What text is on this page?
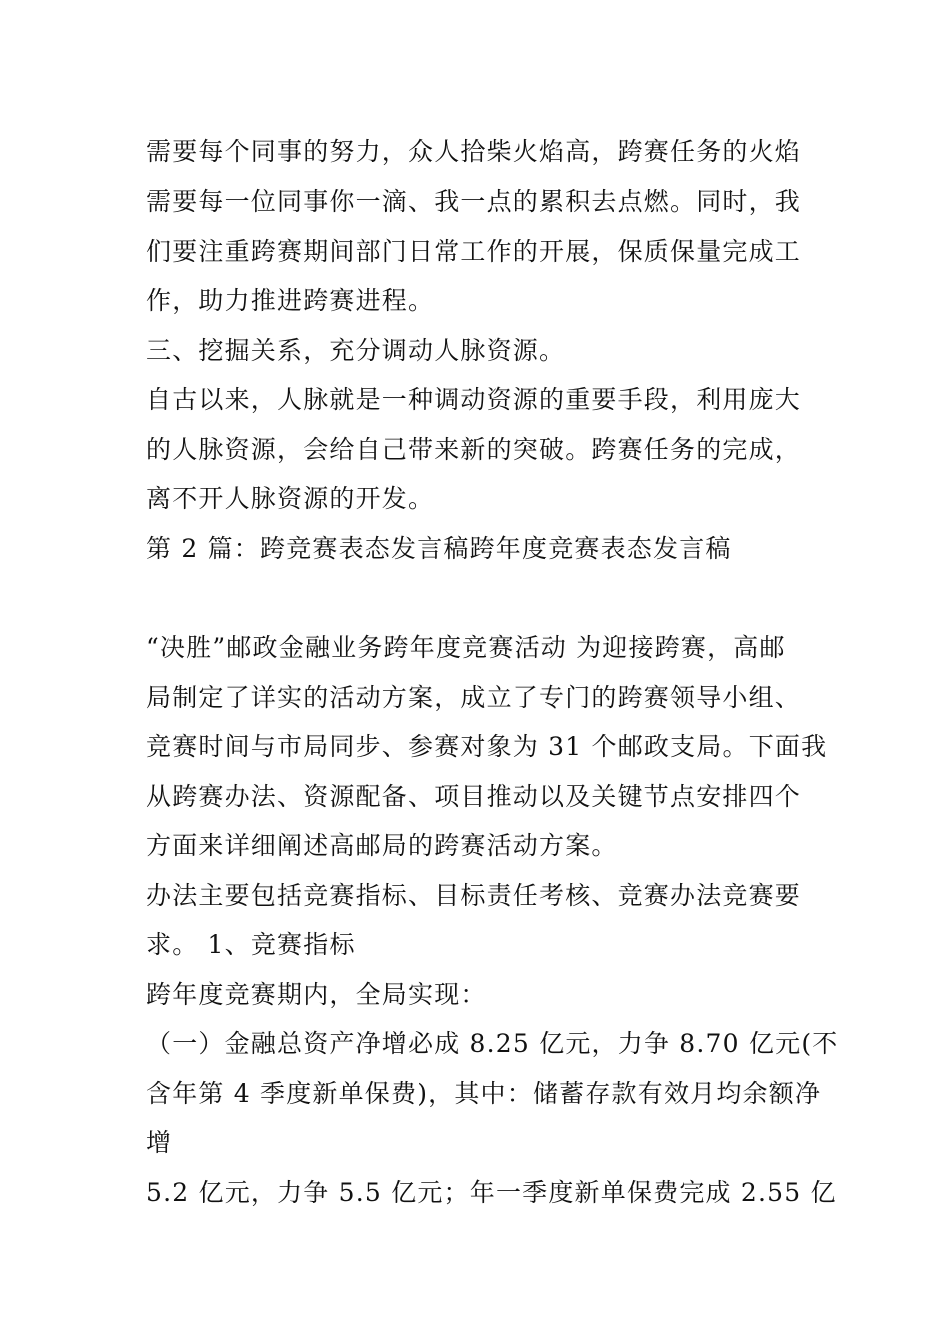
需要每个同事的努力，众人拾柴火焰高，跨赛任务的火焰
需要每一位同事你一滴、我一点的累积去点燃。同时，我
们要注重跨赛期间部门日常工作的开展，保质保量完成工
作，助力推进跨赛进程。
三、挖掘关系，充分调动人脉资源。
自古以来，人脉就是一种调动资源的重要手段，利用庞大
的人脉资源，会给自己带来新的突破。跨赛任务的完成，
离不开人脉资源的开发。
第 2 篇：跨竞赛表态发言稿跨年度竞赛表态发言稿
“决胜”邮政金融业务跨年度竞赛活动 为迎接跨赛，高邮
局制定了详实的活动方案，成立了专门的跨赛领导小组、
竞赛时间与市局同步、参赛对象为 31 个邮政支局。下面我
从跨赛办法、资源配备、项目推动以及关键节点安排四个
方面来详细阐述高邮局的跨赛活动方案。
办法主要包括竞赛指标、目标责任考核、竞赛办法竞赛要
求。 1、竞赛指标
跨年度竞赛期内，全局实现：
（一）金融总资产净增必成 8.25 亿元，力争 8.70 亿元(不
含年第 4 季度新单保费)，其中：储蓄存款有效月均余额净
增
5.2 亿元，力争 5.5 亿元；年一季度新单保费完成 2.55 亿
